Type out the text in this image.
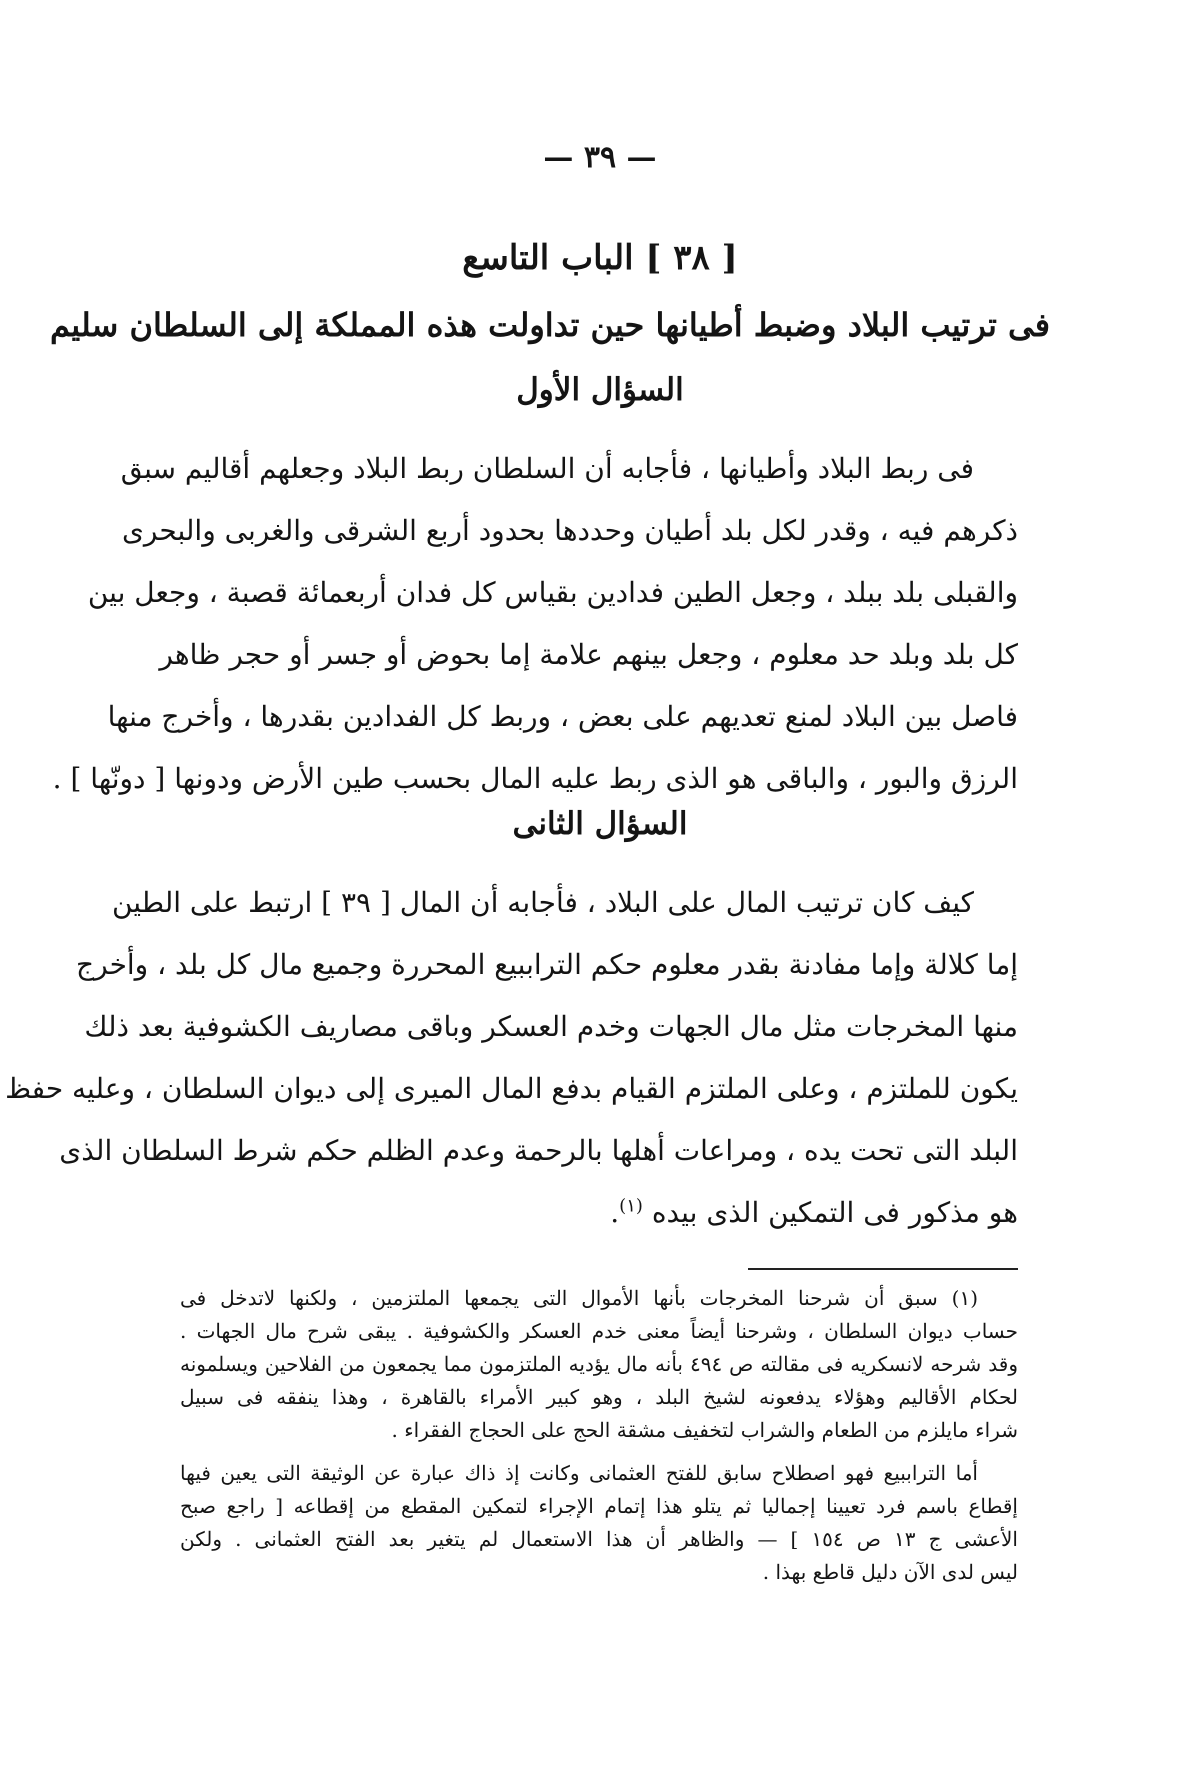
— ٣٩ —
[ ٣٨ ] الباب التاسع
فى ترتيب البلاد وضبط أطيانها حين تداولت هذه المملكة إلى السلطان سليم
السؤال الأول
فى ربط البلاد وأطيانها ، فأجابه أن السلطان ربط البلاد وجعلهم أقاليم سبق
ذكرهم فيه ، وقدر لكل بلد أطيان وحددها بحدود أربع الشرقى والغربى والبحرى
والقبلى بلد ببلد ، وجعل الطين فدادين بقياس كل فدان أربعمائة قصبة ، وجعل بين
كل بلد وبلد حد معلوم ، وجعل بينهم علامة إما بحوض أو جسر أو حجر ظاهر
فاصل بين البلاد لمنع تعديهم على بعض ، وربط كل الفدادين بقدرها ، وأخرج منها
الرزق والبور ، والباقى هو الذى ربط عليه المال بحسب طين الأرض ودونها [ دونّها ] .
السؤال الثانى
كيف كان ترتيب المال على البلاد ، فأجابه أن المال [ ٣٩ ] ارتبط على الطين
إما كلالة وإما مفادنة بقدر معلوم حكم التراببيع المحررة وجميع مال كل بلد ، وأخرج
منها المخرجات مثل مال الجهات وخدم العسكر وباقى مصاريف الكشوفية بعد ذلك
يكون للملتزم ، وعلى الملتزم القيام بدفع المال الميرى إلى ديوان السلطان ، وعليه حفظ
البلد التى تحت يده ، ومراعات أهلها بالرحمة وعدم الظلم حكم شرط السلطان الذى
هو مذكور فى التمكين الذى بيده $^{(١)}$.
(١) سبق أن شرحنا المخرجات بأنها الأموال التى يجمعها الملتزمين ، ولكنها لاتدخل فى
حساب ديوان السلطان ، وشرحنا أيضاً معنى خدم العسكر والكشوفية . يبقى شرح مال الجهات .
وقد شرحه لانسكريه فى مقالته ص ٤٩٤ بأنه مال يؤديه الملتزمون مما يجمعون من الفلاحين ويسلمونه
لحكام الأقاليم وهؤلاء يدفعونه لشيخ البلد ، وهو كبير الأمراء بالقاهرة ، وهذا ينفقه فى سبيل
شراء مايلزم من الطعام والشراب لتخفيف مشقة الحج على الحجاج الفقراء .
أما التراببيع فهو اصطلاح سابق للفتح العثمانى وكانت إذ ذاك عبارة عن الوثيقة التى يعين فيها
إقطاع باسم فرد تعيينا إجماليا ثم يتلو هذا إتمام الإجراء لتمكين المقطع من إقطاعه [ راجع صبح
الأعشى ج ١٣ ص ١٥٤ ] — والظاهر أن هذا الاستعمال لم يتغير بعد الفتح العثمانى . ولكن
ليس لدى الآن دليل قاطع بهذا .
